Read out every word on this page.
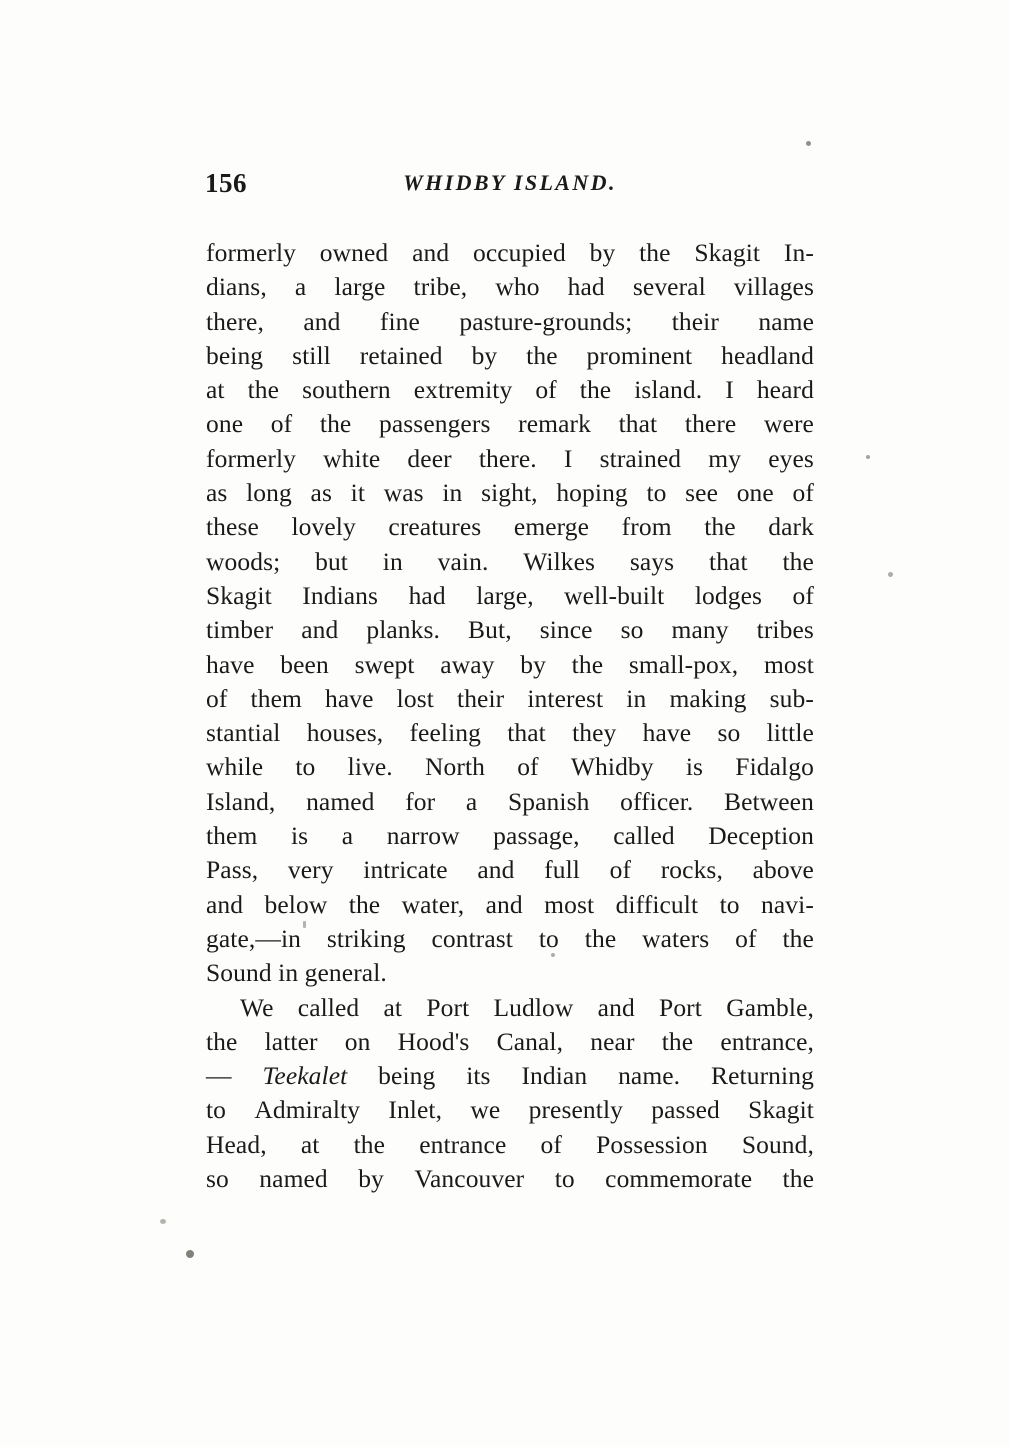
156	WHIDBY ISLAND.
formerly owned and occupied by the Skagit In-
dians, a large tribe, who had several villages
there, and fine pasture-grounds; their name
being still retained by the prominent headland
at the southern extremity of the island. I heard
one of the passengers remark that there were
formerly white deer there. I strained my eyes
as long as it was in sight, hoping to see one of
these lovely creatures emerge from the dark
woods; but in vain. Wilkes says that the
Skagit Indians had large, well-built lodges of
timber and planks. But, since so many tribes
have been swept away by the small-pox, most
of them have lost their interest in making sub-
stantial houses, feeling that they have so little
while to live. North of Whidby is Fidalgo
Island, named for a Spanish officer. Between
them is a narrow passage, called Deception
Pass, very intricate and full of rocks, above
and below the water, and most difficult to navi-
gate,—in striking contrast to the waters of the
Sound in general.
We called at Port Ludlow and Port Gamble,
the latter on Hood's Canal, near the entrance,
— Teekalet being its Indian name. Returning
to Admiralty Inlet, we presently passed Skagit
Head, at the entrance of Possession Sound,
so named by Vancouver to commemorate the
